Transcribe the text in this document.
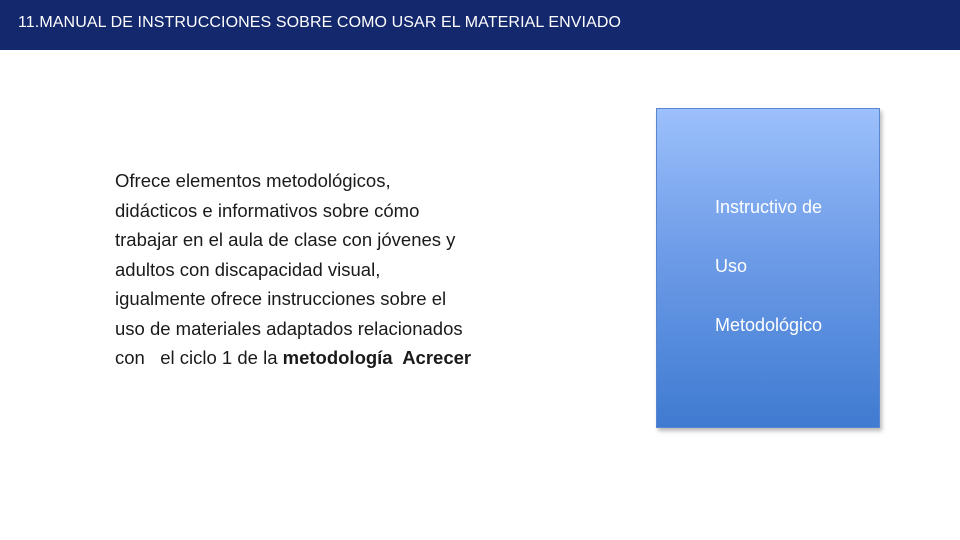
11.MANUAL DE INSTRUCCIONES SOBRE COMO USAR EL MATERIAL ENVIADO
Ofrece elementos metodológicos,
didácticos e informativos sobre cómo
trabajar en el aula de clase con jóvenes y
adultos con discapacidad visual,
igualmente ofrece instrucciones sobre el
uso de materiales adaptados relacionados
con   el ciclo 1 de la metodología  Acrecer
Instructivo de
Uso
Metodológico
